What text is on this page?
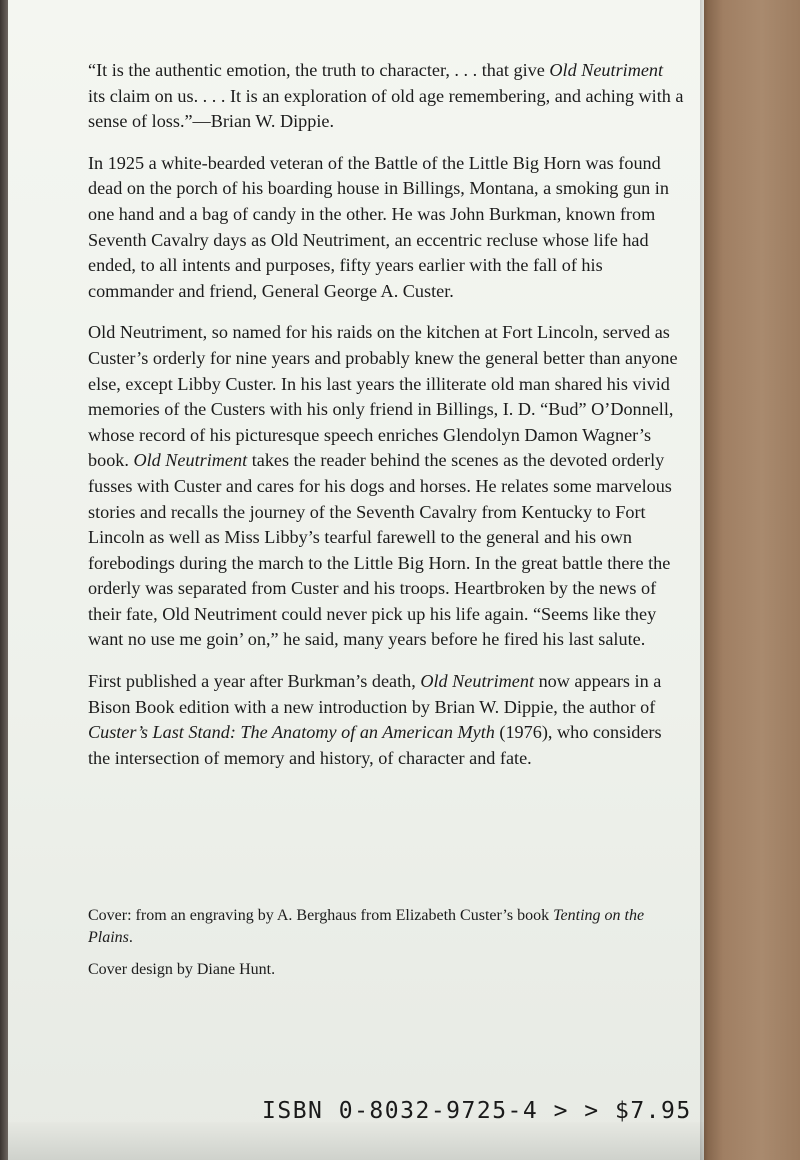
“It is the authentic emotion, the truth to character, . . . that give Old Neutriment its claim on us. . . . It is an exploration of old age remembering, and aching with a sense of loss.”—Brian W. Dippie.

In 1925 a white-bearded veteran of the Battle of the Little Big Horn was found dead on the porch of his boarding house in Billings, Montana, a smoking gun in one hand and a bag of candy in the other. He was John Burkman, known from Seventh Cavalry days as Old Neutriment, an eccentric recluse whose life had ended, to all intents and purposes, fifty years earlier with the fall of his commander and friend, General George A. Custer.

Old Neutriment, so named for his raids on the kitchen at Fort Lincoln, served as Custer’s orderly for nine years and probably knew the general better than anyone else, except Libby Custer. In his last years the illiterate old man shared his vivid memories of the Custers with his only friend in Billings, I. D. “Bud” O’Donnell, whose record of his picturesque speech enriches Glendolyn Damon Wagner’s book. Old Neutriment takes the reader behind the scenes as the devoted orderly fusses with Custer and cares for his dogs and horses. He relates some marvelous stories and recalls the journey of the Seventh Cavalry from Kentucky to Fort Lincoln as well as Miss Libby’s tearful farewell to the general and his own forebodings during the march to the Little Big Horn. In the great battle there the orderly was separated from Custer and his troops. Heartbroken by the news of their fate, Old Neutriment could never pick up his life again. “Seems like they want no use me goin’ on,” he said, many years before he fired his last salute.

First published a year after Burkman’s death, Old Neutriment now appears in a Bison Book edition with a new introduction by Brian W. Dippie, the author of Custer’s Last Stand: The Anatomy of an American Myth (1976), who considers the intersection of memory and history, of character and fate.

Cover: from an engraving by A. Berghaus from Elizabeth Custer’s book Tenting on the Plains.

Cover design by Diane Hunt.

ISBN 0-8032-9725-4 > > $7.95
